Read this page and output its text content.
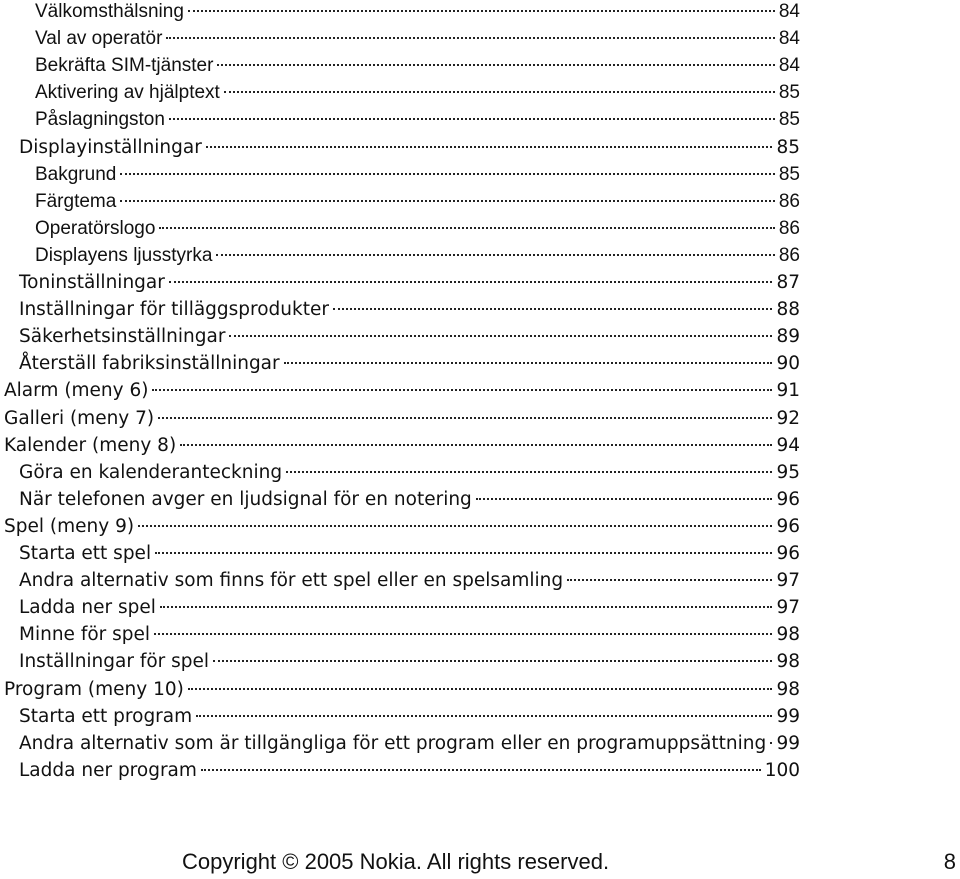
Välkomsthälsning	84
Val av operatör	84
Bekräfta SIM-tjänster	84
Aktivering av hjälptext	85
Påslagningston	85
Displayinställningar	85
Bakgrund	85
Färgtema	86
Operatörslogo	86
Displayens ljusstyrka	86
Toninställningar	87
Inställningar för tilläggsprodukter	88
Säkerhetsinställningar	89
Återställ fabriksinställningar	90
Alarm (meny 6)	91
Galleri (meny 7)	92
Kalender (meny 8)	94
Göra en kalenderanteckning	95
När telefonen avger en ljudsignal för en notering	96
Spel (meny 9)	96
Starta ett spel	96
Andra alternativ som finns för ett spel eller en spelsamling	97
Ladda ner spel	97
Minne för spel	98
Inställningar för spel	98
Program (meny 10)	98
Starta ett program	99
Andra alternativ som är tillgängliga för ett program eller en programuppsättning 99
Ladda ner program	100
Copyright © 2005 Nokia. All rights reserved.	8
